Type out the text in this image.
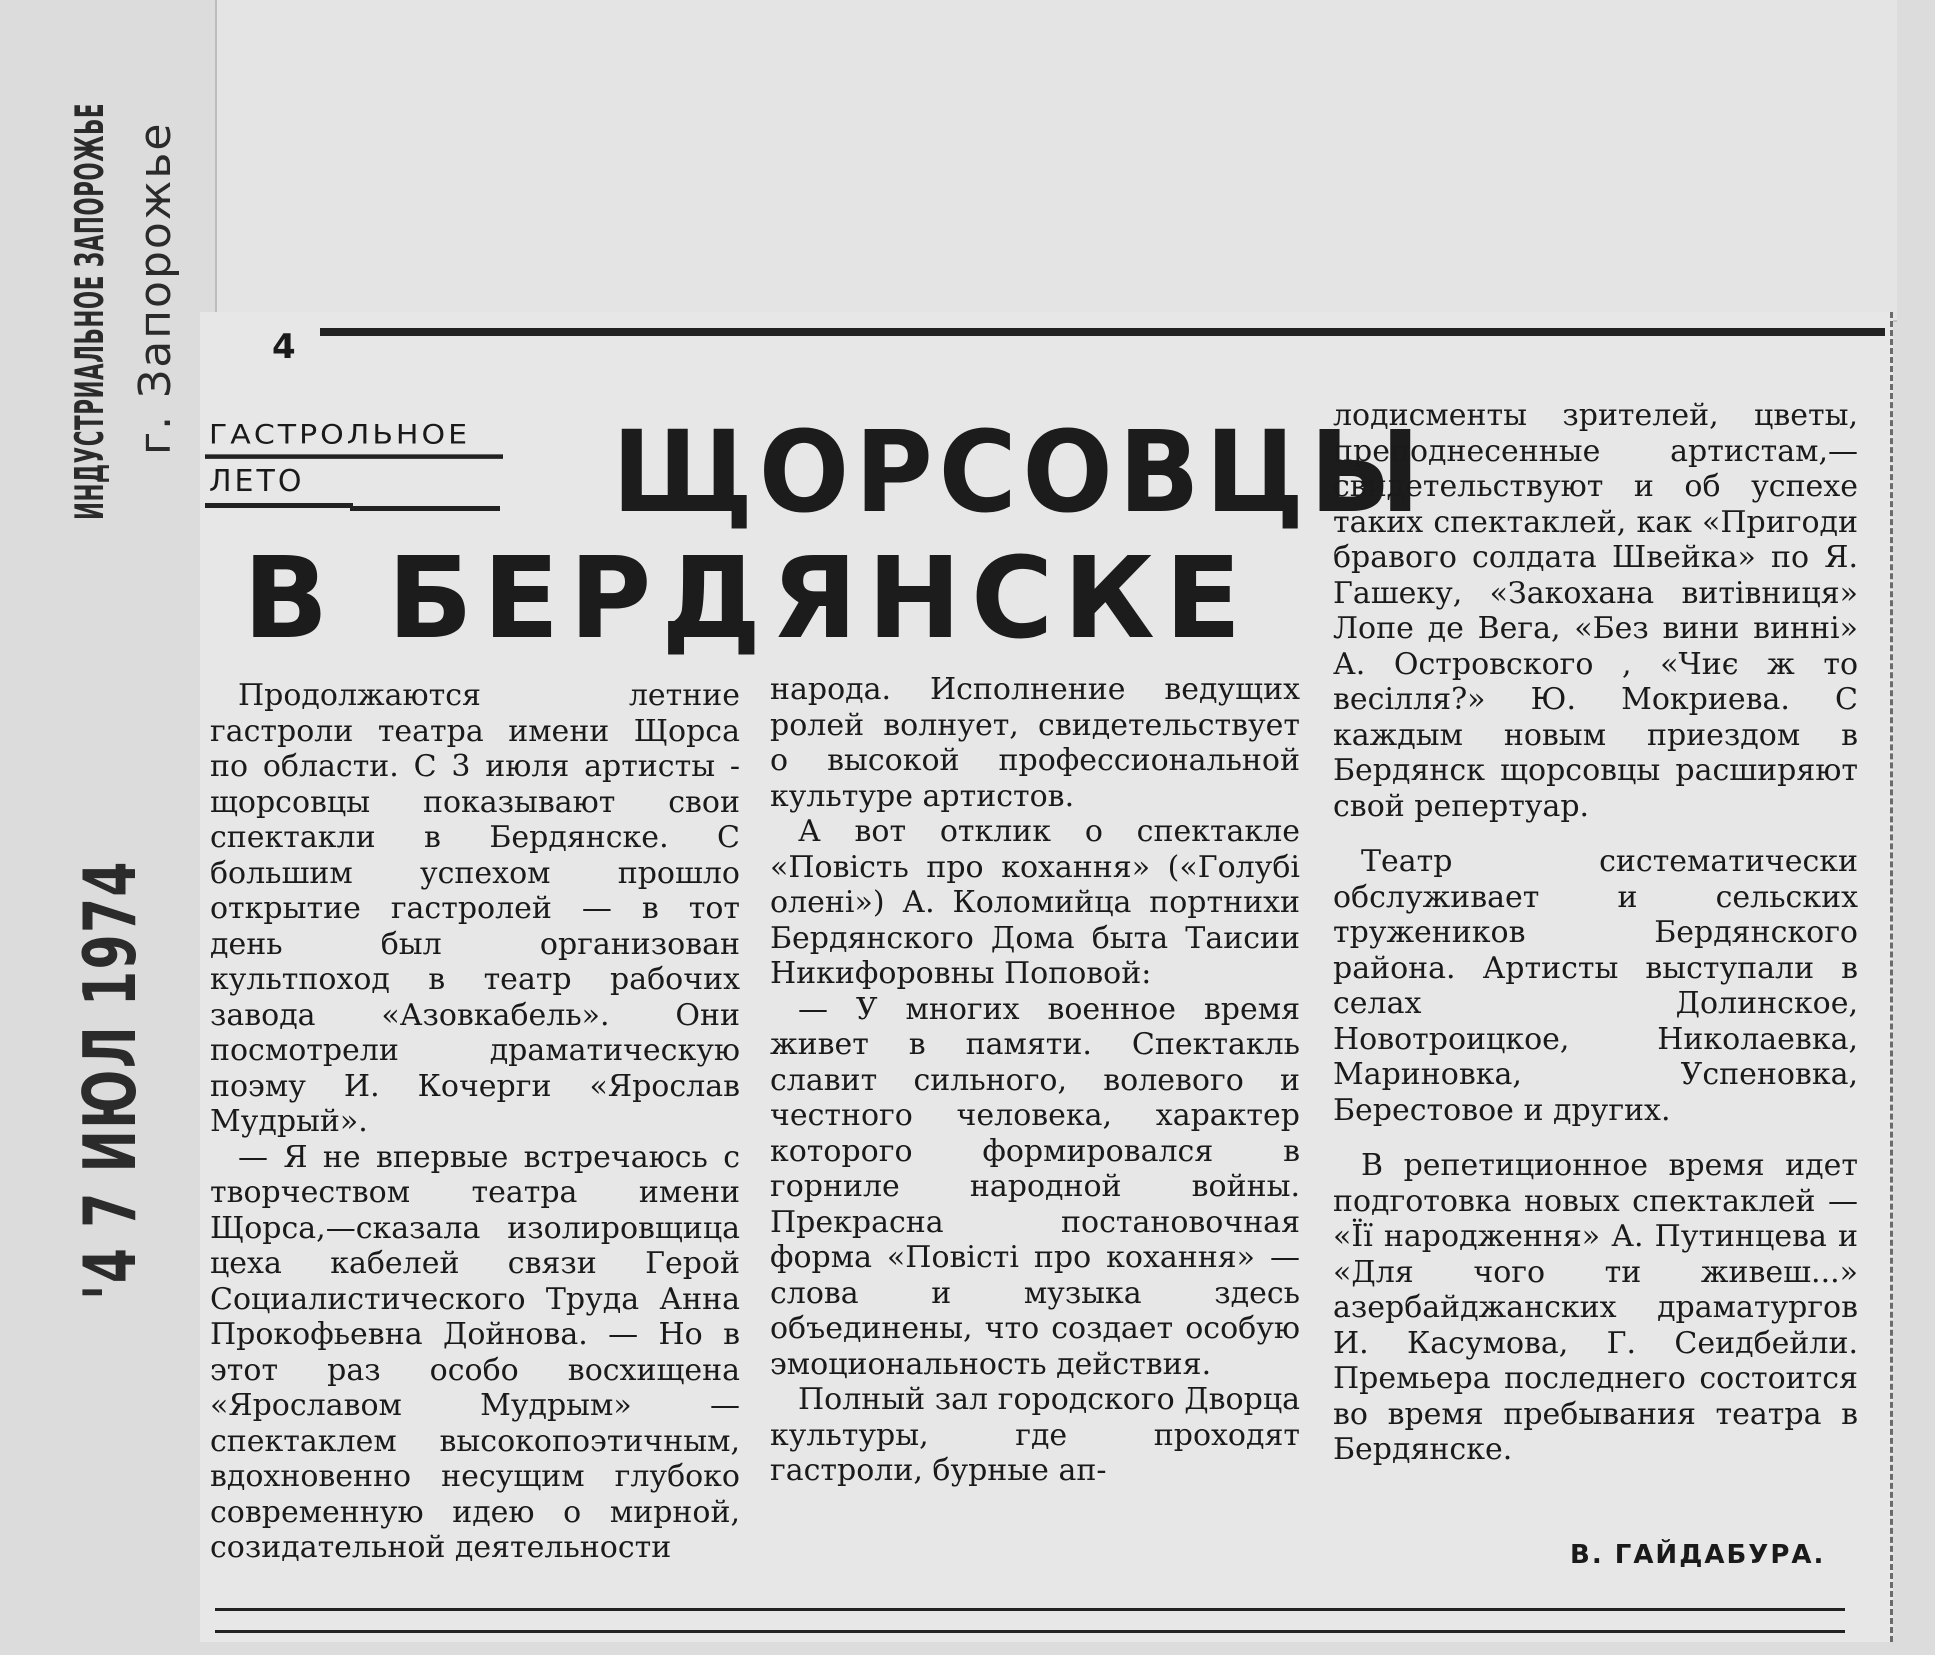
ИНДУСТРИАЛЬНОЕ ЗАПОРОЖЬЕ г. Запорожье
'4 7 ИЮЛ 1974
4
ГАСТРОЛЬНОЕ
ЛЕТО	ЩОРСОВЦЫ
В БЕРДЯНСКЕ

Продолжаются летние гастроли театра имени Щорса по области. С 3 июля артисты - щорсовцы показывают свои спектакли в Бердянске. С большим успехом прошло открытие гастролей — в тот день был организован культпоход в театр рабочих завода «Азовкабель». Они посмотрели драматическую поэму И. Кочерги «Ярослав Мудрый».

— Я не впервые встречаюсь с творчеством театра имени Щорса,—сказала изолировщица цеха кабелей связи Герой Социалистического Труда Анна Прокофьевна Дойнова. — Но в этот раз особо восхищена «Ярославом Мудрым» — спектаклем высокопоэтичным, вдохновенно несущим глубоко современную идею о мирной, созидательной деятельности

народа. Исполнение ведущих ролей волнует, свидетельствует о высокой профессиональной культуре артистов.

А вот отклик о спектакле «Повість про кохання» («Голубі олені») А. Коломийца портнихи Бердянского Дома быта Таисии Никифоровны Поповой:

— У многих военное время живет в памяти. Спектакль славит сильного, волевого и честного человека, характер которого формировался в горниле народной войны. Прекрасна постановочная форма «Повісті про кохання» — слова и музыка здесь объединены, что создает особую эмоциональность действия.

Полный зал городского Дворца культуры, где проходят гастроли, бурные ап-

лодисменты зрителей, цветы, преподнесенные артистам,— свидетельствуют и об успехе таких спектаклей, как «Пригоди бравого солдата Швейка» по Я. Гашеку, «Закохана витівниця» Лопе де Вега, «Без вини винні» А. Островского , «Чиє ж то весілля?» Ю. Мокриева. С каждым новым приездом в Бердянск щорсовцы расширяют свой репертуар.

Театр систематически обслуживает и сельских тружеников Бердянского района. Артисты выступали в селах Долинское, Новотроицкое, Николаевка, Мариновка, Успеновка, Берестовое и других.

В репетиционное время идет подготовка новых спектаклей — «Її народження» А. Путинцева и «Для чого ти живеш...» азербайджанских драматургов И. Касумова, Г. Сеидбейли. Премьера последнего состоится во время пребывания театра в Бердянске.

В. ГАЙДАБУРА.
